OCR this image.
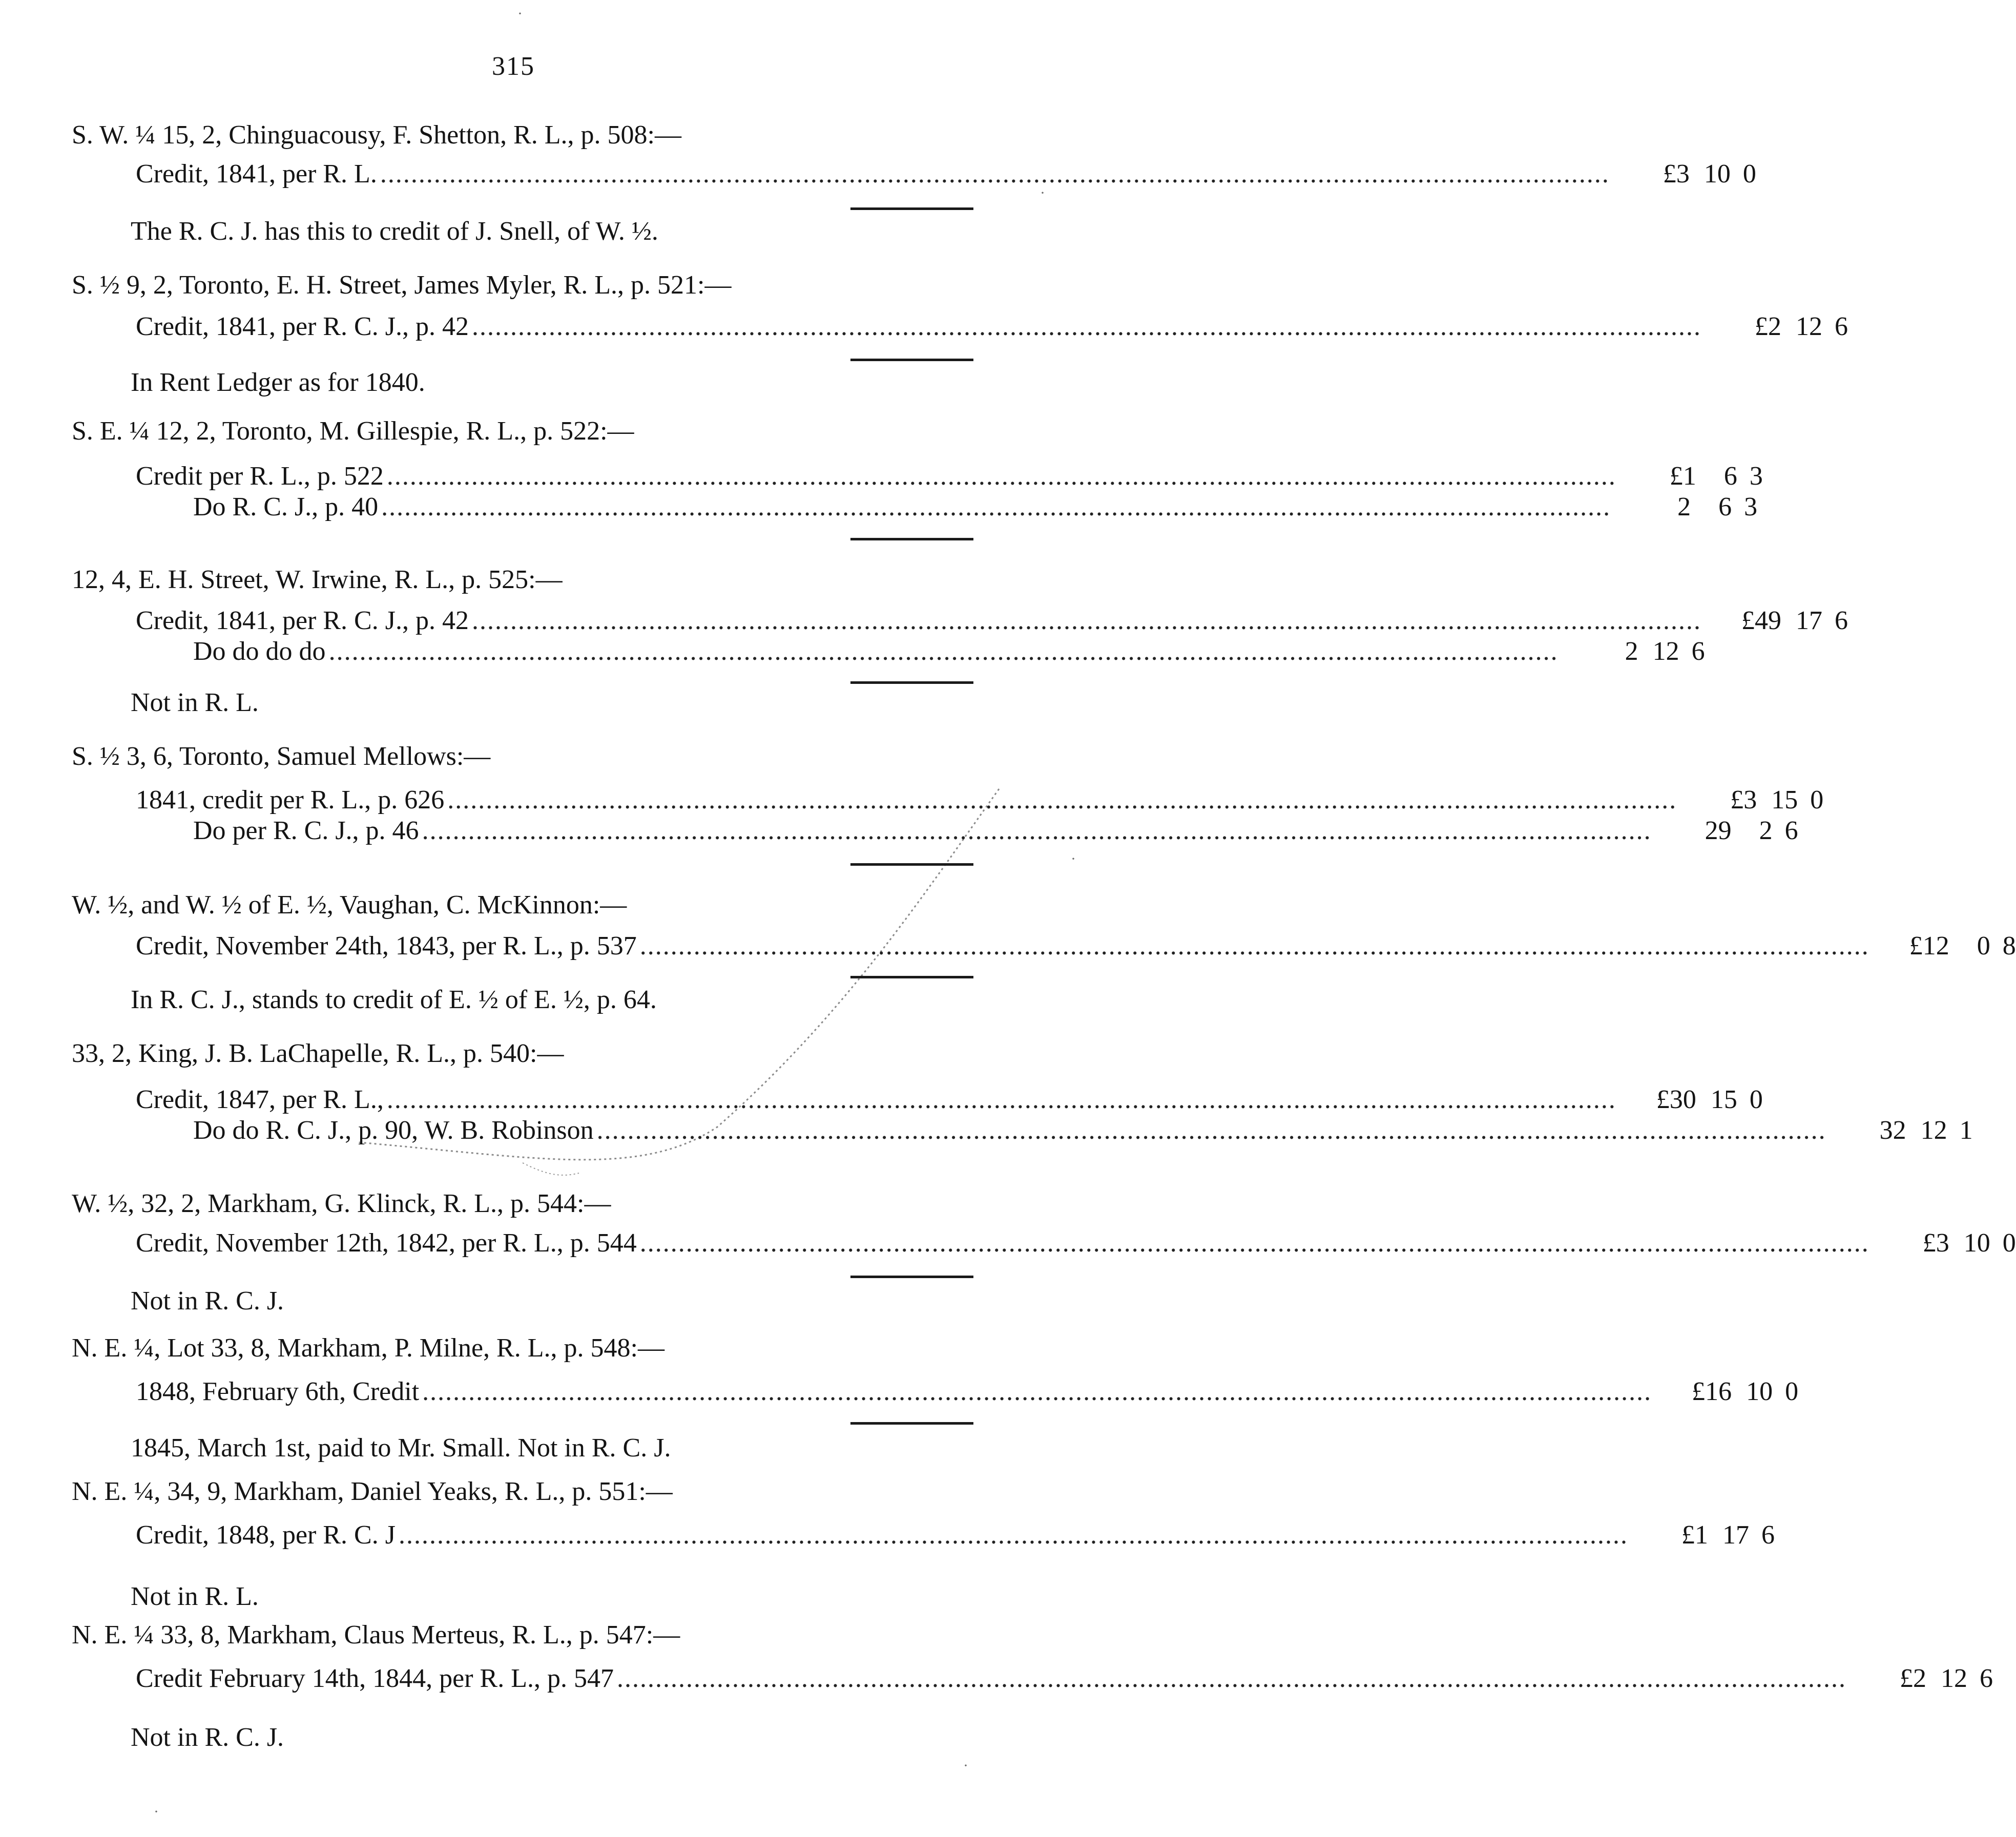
315
S. W. ¼ 15, 2, Chinguacousy, F. Shetton, R. L., p. 508:—
Credit, 1841, per R. L. ................................................................................................................................................................	£3 10 0
The R. C. J. has this to credit of J. Snell, of W. ½.
S. ½ 9, 2, Toronto, E. H. Street, James Myler, R. L., p. 521:—
Credit, 1841, per R. C. J., p. 42 ................................................................................................................................................................	£2 12 6
In Rent Ledger as for 1840.
S. E. ¼ 12, 2, Toronto, M. Gillespie, R. L., p. 522:—
Credit per R. L., p. 522 ................................................................................................................................................................	£1	6 3
Do R. C. J., p. 40 ................................................................................................................................................................	2	6 3
12, 4, E. H. Street, W. Irwine, R. L., p. 525:—
Credit, 1841, per R. C. J., p. 42 ................................................................................................................................................................	£49 17 6
Do do do do ................................................................................................................................................................	2 12 6
Not in R. L.
S. ½ 3, 6, Toronto, Samuel Mellows:—
1841, credit per R. L., p. 626 ................................................................................................................................................................	£3 15 0
Do per R. C. J., p. 46 ................................................................................................................................................................	29	2 6
W. ½, and W. ½ of E. ½, Vaughan, C. McKinnon:—
Credit, November 24th, 1843, per R. L., p. 537 ................................................................................................................................................................	£12	0 8
In R. C. J., stands to credit of E. ½ of E. ½, p. 64.
33, 2, King, J. B. LaChapelle, R. L., p. 540:—
Credit, 1847, per R. L., ................................................................................................................................................................	£30 15 0
Do do R. C. J., p. 90, W. B. Robinson ................................................................................................................................................................	32 12 1
W. ½, 32, 2, Markham, G. Klinck, R. L., p. 544:—
Credit, November 12th, 1842, per R. L., p. 544 ................................................................................................................................................................	£3 10 0
Not in R. C. J.
N. E. ¼, Lot 33, 8, Markham, P. Milne, R. L., p. 548:—
1848, February 6th, Credit ................................................................................................................................................................	£16 10 0
1845, March 1st, paid to Mr. Small. Not in R. C. J.
N. E. ¼, 34, 9, Markham, Daniel Yeaks, R. L., p. 551:—
Credit, 1848, per R. C. J ................................................................................................................................................................	£1 17 6
Not in R. L.
N. E. ¼ 33, 8, Markham, Claus Merteus, R. L., p. 547:—
Credit February 14th, 1844, per R. L., p. 547 ................................................................................................................................................................	£2 12 6
Not in R. C. J.
·
·
·
·
·
